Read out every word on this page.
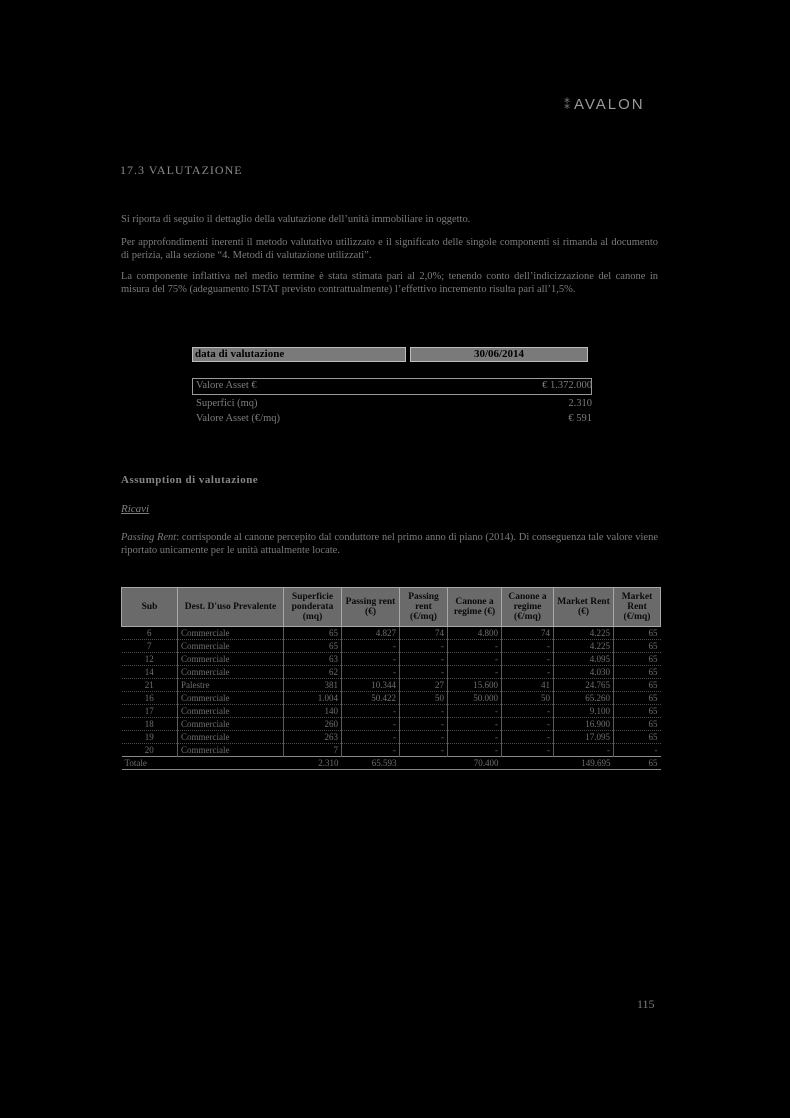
⁑ AVALON
17.3 VALUTAZIONE
Si riporta di seguito il dettaglio della valutazione dell’unità immobiliare in oggetto.
Per approfondimenti inerenti il metodo valutativo utilizzato e il significato delle singole componenti si rimanda al documento di perizia, alla sezione “4. Metodi di valutazione utilizzati”.
La componente inflattiva nel medio termine è stata stimata pari al 2,0%; tenendo conto dell’indicizzazione del canone in misura del 75% (adeguamento ISTAT previsto contrattualmente) l’effettivo incremento risulta pari all’1,5%.
data di valutazione	30/06/2014
Valore Asset €	€ 1.372.000
Superfici (mq)	2.310
Valore Asset (€/mq)	€ 591
Assumption di valutazione
Ricavi
Passing Rent: corrisponde al canone percepito dal conduttore nel primo anno di piano (2014). Di conseguenza tale valore viene riportato unicamente per le unità attualmente locate.
Sub	Dest. D'uso Prevalente	Superficie ponderata (mq)	Passing rent (€)	Passing rent (€/mq)	Canone a regime (€)	Canone a regime (€/mq)	Market Rent (€)	Market Rent (€/mq)
6	Commerciale	65	4.827	74	4.800	74	4.225	65
7	Commerciale	65	-	-	-	-	4.225	65
12	Commerciale	63	-	-	-	-	4.095	65
14	Commerciale	62	-	-	-	-	4.030	65
21	Palestre	381	10.344	27	15.600	41	24.765	65
16	Commerciale	1.004	50.422	50	50.000	50	65.260	65
17	Commerciale	140	-	-	-	-	9.100	65
18	Commerciale	260	-	-	-	-	16.900	65
19	Commerciale	263	-	-	-	-	17.095	65
20	Commerciale	7	-	-	-	-	-	-
Totale		2.310	65.593		70.400		149.695	65
115
